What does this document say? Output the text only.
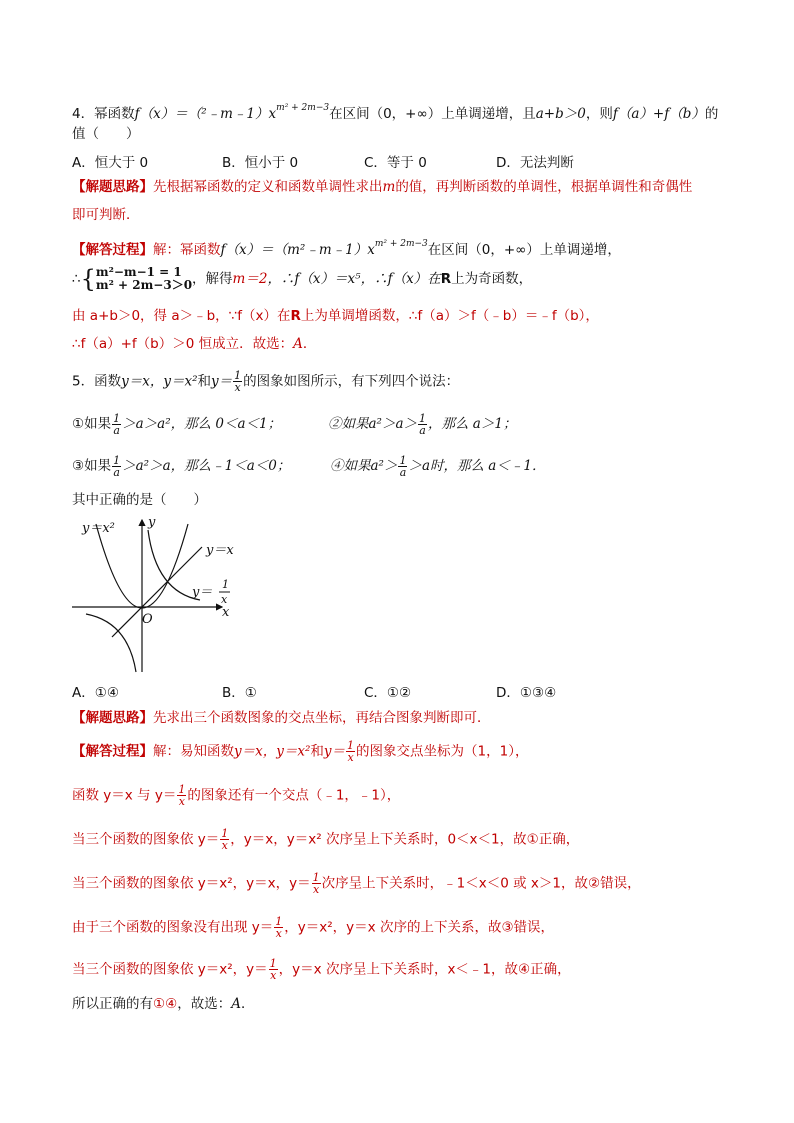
4．幂函数$f(x)=(^2﹣m﹣1)x^{m^2 + 2m-3}$在区间（0，+∞）上单调递增，且a+b＞0，则f（a）+f（b）的
值（　　）
A．恒大于 0	B．恒小于 0	C．等于 0	D．无法判断
【解题思路】先根据幂函数的定义和函数单调性求出m的值，再判断函数的单调性，根据单调性和奇偶性
即可判断．
【解答过程】解：幂函数$f(x)=(m^2﹣m﹣1)x^{m^2 + 2m-3}$在区间（0，+∞）上单调递增，
∴{ m²−m−1 = 1
m² + 2m−3＞0 ，解得m＝2，∴f（x）＝x⁵，∴f（x）在R上为奇函数，
由 a+b＞0，得 a＞﹣b，∵f（x）在R上为单调增函数，∴f（a）＞f（﹣b）＝﹣f（b），
∴f（a）+f（b）＞0 恒成立．故选：A．
5．函数y＝x，y＝x²和$y= \frac{1}{x}$ 的图象如图所示，有下列四个说法：
①如果 $\frac{1}{a} >a>a^2$，那么 0＜a＜1；	②如果$a^2>a> \frac{1}{a}$ ，那么 a＞1；
③如果 $\frac{1}{a} >a^2>a$，那么﹣1＜a＜0；	④如果$a^2> \frac{1}{a} >a$时，那么 a＜﹣1．
其中正确的是（　　）
y＝x²	y
y＝x
y＝
1
x
x
O
A．①④	B．①	C．①②	D．①③④
【解题思路】先求出三个函数图象的交点坐标，再结合图象判断即可．
【解答过程】解：易知函数y＝x，y＝x²和$y= \frac{1}{x}$ 的图象交点坐标为（1，1），
函数 y＝x 与 $y= \frac{1}{x}$ 的图象还有一个交点（﹣1，﹣1），
当三个函数的图象依 $y= \frac{1}{x}$ ，y＝x，y＝x² 次序呈上下关系时，0＜x＜1，故①正确，
当三个函数的图象依 y＝x²，y＝x，$y= \frac{1}{x}$ 次序呈上下关系时，﹣1＜x＜0 或 x＞1，故②错误，
由于三个函数的图象没有出现 $y= \frac{1}{x}$ ，y＝x²，y＝x 次序的上下关系，故③错误，
当三个函数的图象依 y＝x²，$y= \frac{1}{x}$ ，y＝x 次序呈上下关系时，x＜﹣1，故④正确，
所以正确的有①④，故选：A．
